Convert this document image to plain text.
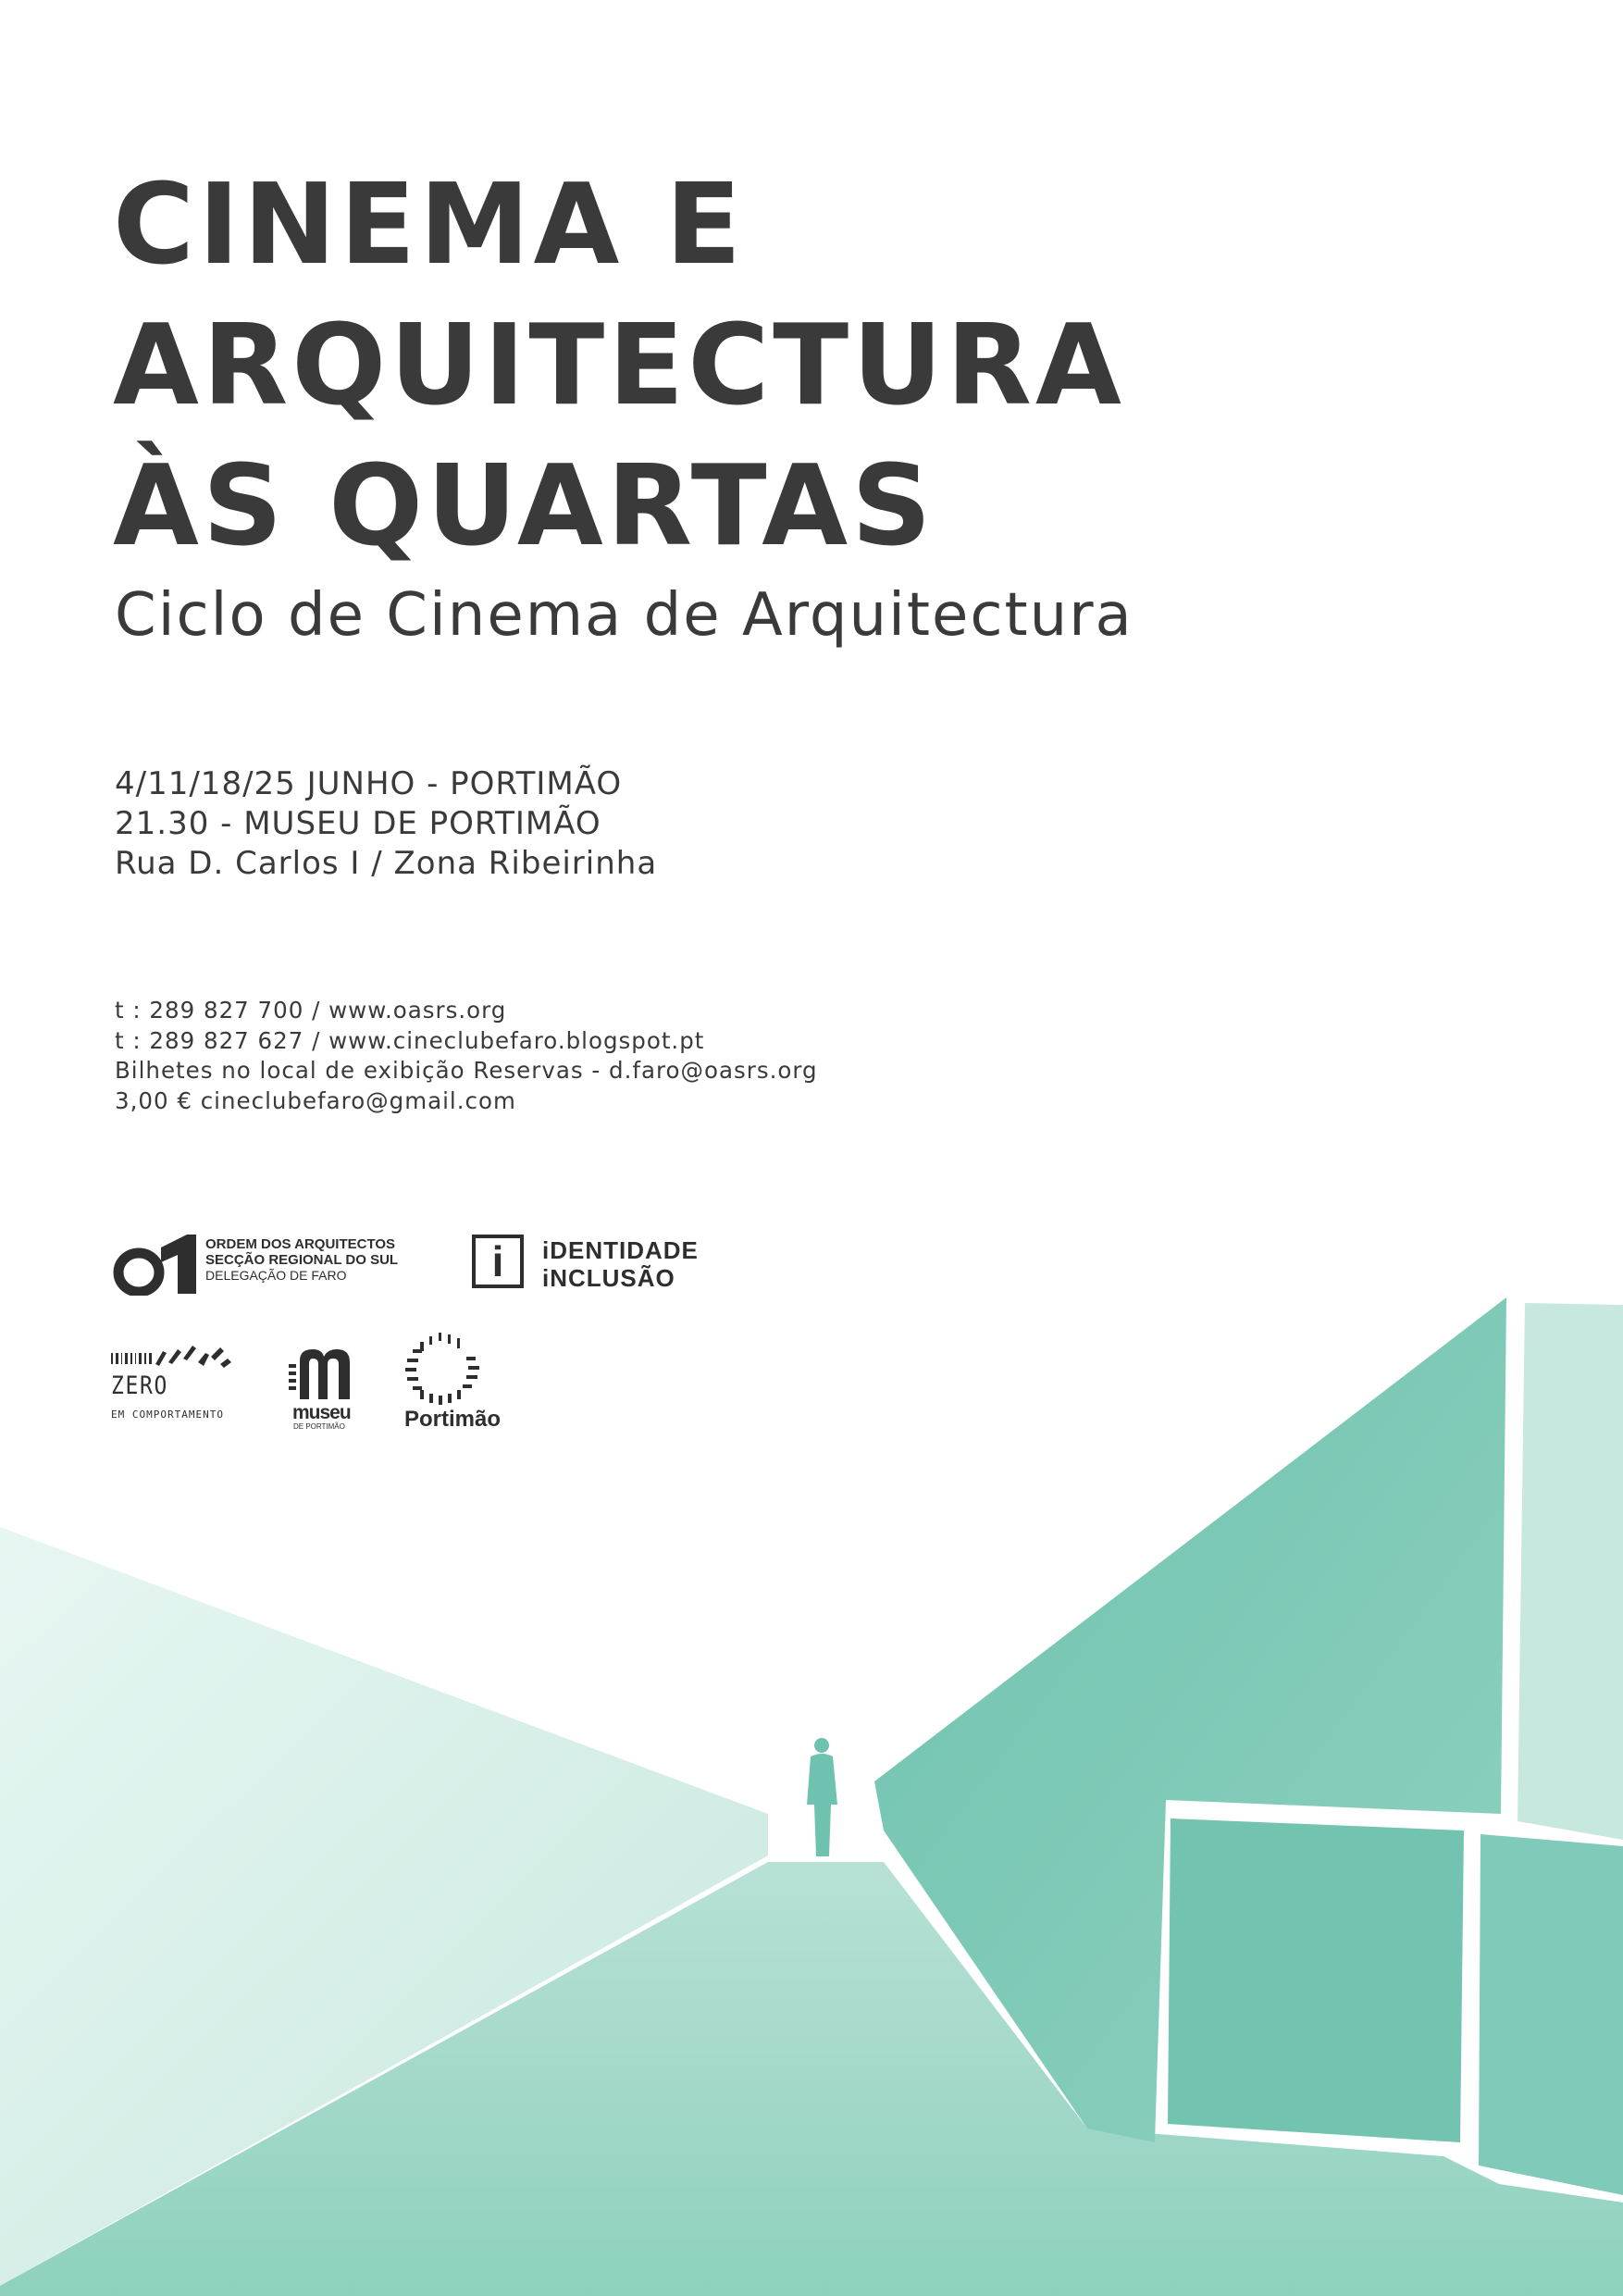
CINEMA E
ARQUITECTURA
ÀS QUARTAS
Ciclo de Cinema de Arquitectura
4/11/18/25 JUNHO - PORTIMÃO
21.30 - MUSEU DE PORTIMÃO
Rua D. Carlos I / Zona Ribeirinha
t : 289 827 700 / www.oasrs.org
t : 289 827 627 / www.cineclubefaro.blogspot.pt
Bilhetes no local de exibição Reservas - d.faro@oasrs.org
3,00 € cineclubefaro@gmail.com
ORDEM DOS ARQUITECTOS
SECÇÃO REGIONAL DO SUL
DELEGAÇÃO DE FARO	i	iDENTIDADE
iNCLUSÃO
ZERO
EM COMPORTAMENTO	museu
DE PORTIMÃO	Portimão
